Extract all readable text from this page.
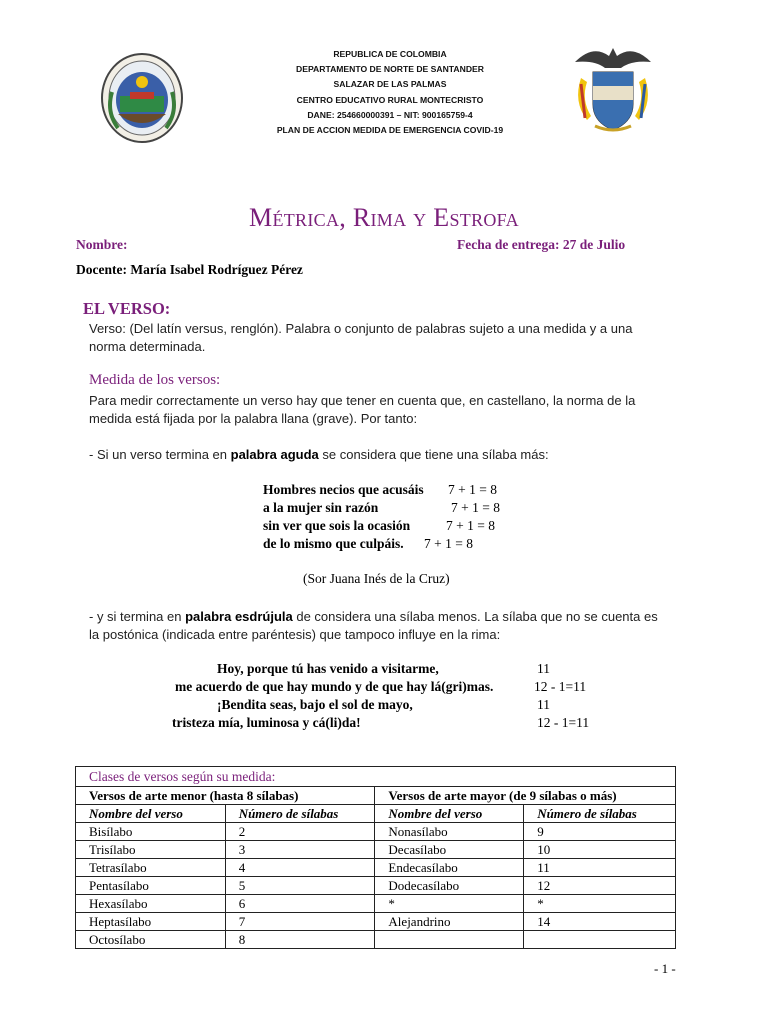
REPUBLICA DE COLOMBIA
DEPARTAMENTO DE NORTE DE SANTANDER
SALAZAR DE LAS PALMAS
CENTRO EDUCATIVO RURAL MONTECRISTO
DANE: 254660000391 – NIT: 900165759-4
PLAN DE ACCION MEDIDA DE EMERGENCIA COVID-19
Métrica, Rima y Estrofa
Nombre:	Fecha de entrega: 27 de Julio
Docente: María Isabel Rodríguez Pérez
EL VERSO:
Verso: (Del latín versus, renglón). Palabra o conjunto de palabras sujeto a una medida y a una
norma determinada.
Medida de los versos:
Para medir correctamente un verso hay que tener en cuenta que, en castellano, la norma de la
medida está fijada por la palabra llana (grave). Por tanto:
- Si un verso termina en palabra aguda se considera que tiene una sílaba más:
Hombres necios que acusáis 7 + 1 = 8
a la mujer sin razón	7 + 1 = 8
sin ver que sois la ocasión	7 + 1 = 8
de lo mismo que culpáis. 7 + 1 = 8
(Sor Juana Inés de la Cruz)
- y si termina en palabra esdrújula de considera una sílaba menos. La sílaba que no se cuenta es
la postónica (indicada entre paréntesis) que tampoco influye en la rima:
Hoy, porque tú has venido a visitarme,	11
me acuerdo de que hay mundo y de que hay lá(gri)mas.	12 - 1=11
¡Bendita seas, bajo el sol de mayo,	11
tristeza mía, luminosa y cá(li)da!	12 - 1=11
Clases de versos según su medida:			
Versos de arte menor (hasta 8 sílabas)		Versos de arte mayor (de 9 sílabas o más)	
Nombre del verso	Número de sílabas	Nombre del verso	Número de sílabas
Bisílabo	2	Nonasílabo	9
Trisílabo	3	Decasílabo	10
Tetrasílabo	4	Endecasílabo	11
Pentasílabo	5	Dodecasílabo	12
Hexasílabo	6	*	*
Heptasílabo	7	Alejandrino	14
Octosílabo	8		
- 1 -
